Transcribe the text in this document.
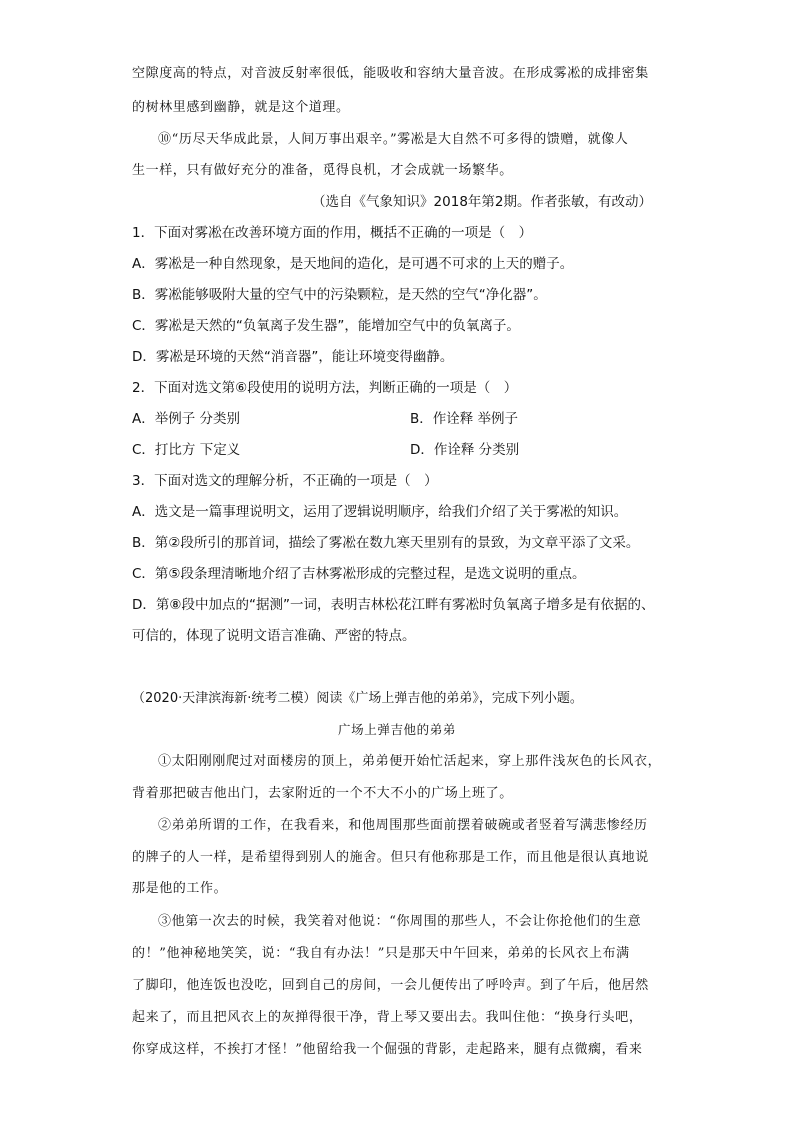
空隙度高的特点，对音波反射率很低，能吸收和容纳大量音波。在形成雾凇的成排密集
的树林里感到幽静，就是这个道理。
⑩“历尽天华成此景，人间万事出艰辛。”雾凇是大自然不可多得的馈赠，就像人
生一样，只有做好充分的准备，觅得良机，才会成就一场繁华。
（选自《气象知识》2018年第2期。作者张敏，有改动）
1．下面对雾凇在改善环境方面的作用，概括不正确的一项是（　）
A．雾凇是一种自然现象，是天地间的造化，是可遇不可求的上天的赠子。
B．雾凇能够吸附大量的空气中的污染颗粒，是天然的空气“净化器”。
C．雾凇是天然的“负氧离子发生器”，能增加空气中的负氧离子。
D．雾凇是环境的天然“消音器”，能让环境变得幽静。
2．下面对选文第⑥段使用的说明方法，判断正确的一项是（　）
A．举例子 分类别	B．作诠释 举例子
C．打比方 下定义	D．作诠释 分类别
3．下面对选文的理解分析，不正确的一项是（　）
A．选文是一篇事理说明文，运用了逻辑说明顺序，给我们介绍了关于雾凇的知识。
B．第②段所引的那首词，描绘了雾凇在数九寒天里别有的景致，为文章平添了文采。
C．第⑤段条理清晰地介绍了吉林雾凇形成的完整过程，是选文说明的重点。
D．第⑧段中加点的“据测”一词，表明吉林松花江畔有雾凇时负氧离子增多是有依据的、
可信的，体现了说明文语言准确、严密的特点。
（2020·天津滨海新·统考二模）阅读《广场上弹吉他的弟弟》，完成下列小题。
广场上弹吉他的弟弟
①太阳刚刚爬过对面楼房的顶上，弟弟便开始忙活起来，穿上那件浅灰色的长风衣，
背着那把破吉他出门，去家附近的一个不大不小的广场上班了。
②弟弟所谓的工作，在我看来，和他周围那些面前摆着破碗或者竖着写满悲惨经历
的牌子的人一样，是希望得到别人的施舍。但只有他称那是工作，而且他是很认真地说
那是他的工作。
③他第一次去的时候，我笑着对他说：“你周围的那些人，不会让你抢他们的生意
的！”他神秘地笑笑，说：“我自有办法！”只是那天中午回来，弟弟的长风衣上布满
了脚印，他连饭也没吃，回到自己的房间，一会儿便传出了呼呤声。到了午后，他居然
起来了，而且把风衣上的灰掸得很干净，背上琴又要出去。我叫住他：“换身行头吧，
你穿成这样，不挨打才怪！”他留给我一个倔强的背影，走起路来，腿有点微瘸，看来
